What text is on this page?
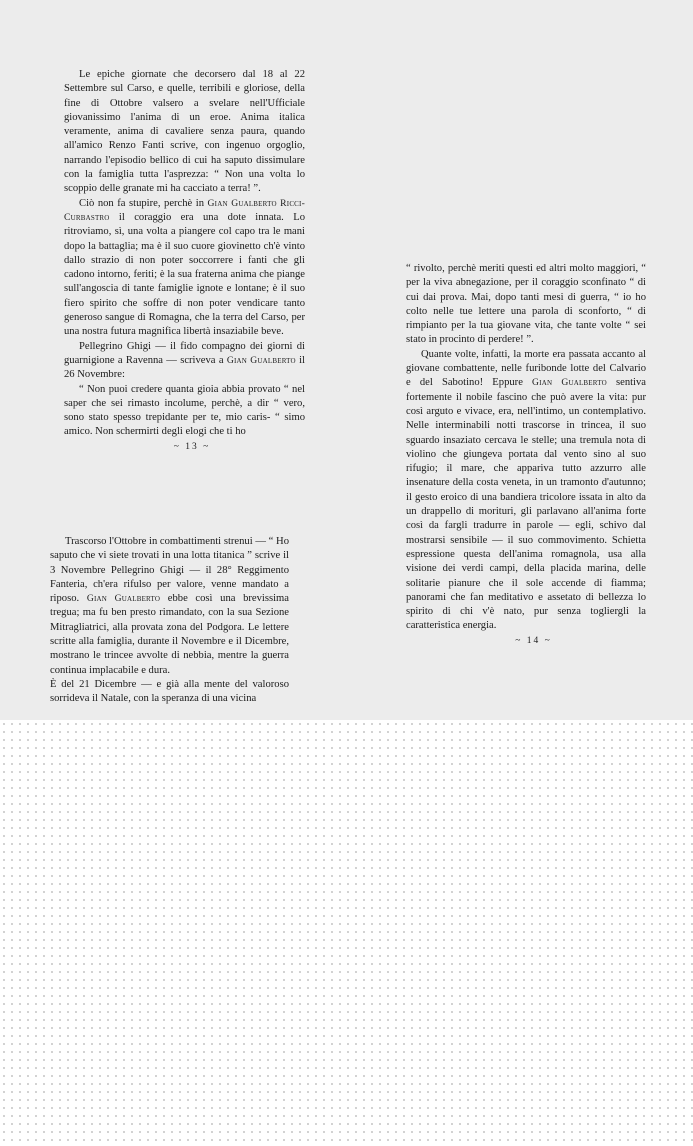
Le epiche giornate che decorsero dal 18 al 22 Settembre sul Carso, e quelle, terribili e gloriose, della fine di Ottobre valsero a svelare nell'Ufficiale giovanissimo l'anima di un eroe. Anima italica veramente, anima di cavaliere senza paura, quando all'amico Renzo Fanti scrive, con ingenuo orgoglio, narrando l'episodio bellico di cui ha saputo dissimulare con la famiglia tutta l'asprezza: “ Non una volta lo scoppio delle granate mi ha cacciato a terra! ”.

Ciò non fa stupire, perchè in Gian Gualberto Ricci-Curbastro il coraggio era una dote innata. Lo ritroviamo, sì, una volta a piangere col capo tra le mani dopo la battaglia; ma è il suo cuore giovinetto ch'è vinto dallo strazio di non poter soccorrere i fanti che gli cadono intorno, feriti; è la sua fraterna anima che piange sull'angoscia di tante famiglie ignote e lontane; è il suo fiero spirito che soffre di non poter vendicare tanto generoso sangue di Romagna, che la terra del Carso, per una nostra futura magnifica libertà insaziabile beve.

Pellegrino Ghigi — il fido compagno dei giorni di guarnigione a Ravenna — scriveva a Gian Gualberto il 26 Novembre:

“ Non puoi credere quanta gioia abbia provato “ nel saper che sei rimasto incolume, perchè, a dir “ vero, sono stato spesso trepidante per te, mio caris- “ simo amico. Non schermirti degli elogi che ti ho

~ 13 ~

Trascorso l'Ottobre in combattimenti strenui — “ Ho saputo che vi siete trovati in una lotta titanica ” scrive il 3 Novembre Pellegrino Ghigi — il 28° Reggimento Fanteria, ch'era rifulso per valore, venne mandato a riposo. Gian Gualberto ebbe così una brevissima tregua; ma fu ben presto rimandato, con la sua Sezione Mitragliatrici, alla provata zona del Podgora. Le lettere scritte alla famiglia, durante il Novembre e il Dicembre, mostrano le trincee avvolte di nebbia, mentre la guerra continua implacabile e dura.

È del 21 Dicembre — e già alla mente del valoroso sorrideva il Natale, con la speranza di una vicina

“ rivolto, perchè meriti questi ed altri molto maggiori, “ per la viva abnegazione, per il coraggio sconfinato “ di cui dai prova. Mai, dopo tanti mesi di guerra, “ io ho colto nelle tue lettere una parola di sconforto, “ di rimpianto per la tua giovane vita, che tante volte “ sei stato in procinto di perdere! ”.

Quante volte, infatti, la morte era passata accanto al giovane combattente, nelle furibonde lotte del Calvario e del Sabotino! Eppure Gian Gualberto sentiva fortemente il nobile fascino che può avere la vita: pur così arguto e vivace, era, nell'intimo, un contemplativo. Nelle interminabili notti trascorse in trincea, il suo sguardo insaziato cercava le stelle; una tremula nota di violino che giungeva portata dal vento sino al suo rifugio; il mare, che appariva tutto azzurro alle insenature della costa veneta, in un tramonto d'autunno; il gesto eroico di una bandiera tricolore issata in alto da un drappello di morituri, gli parlavano all'anima forte così da fargli tradurre in parole — egli, schivo dal mostrarsi sensibile — il suo commovimento. Schietta espressione questa dell'anima romagnola, usa alla visione dei verdi campi, della placida marina, delle solitarie pianure che il sole accende di fiamma; panorami che fan meditativo e assetato di bellezza lo spirito di chi v'è nato, pur senza togliergli la caratteristica energia.

~ 14 ~
